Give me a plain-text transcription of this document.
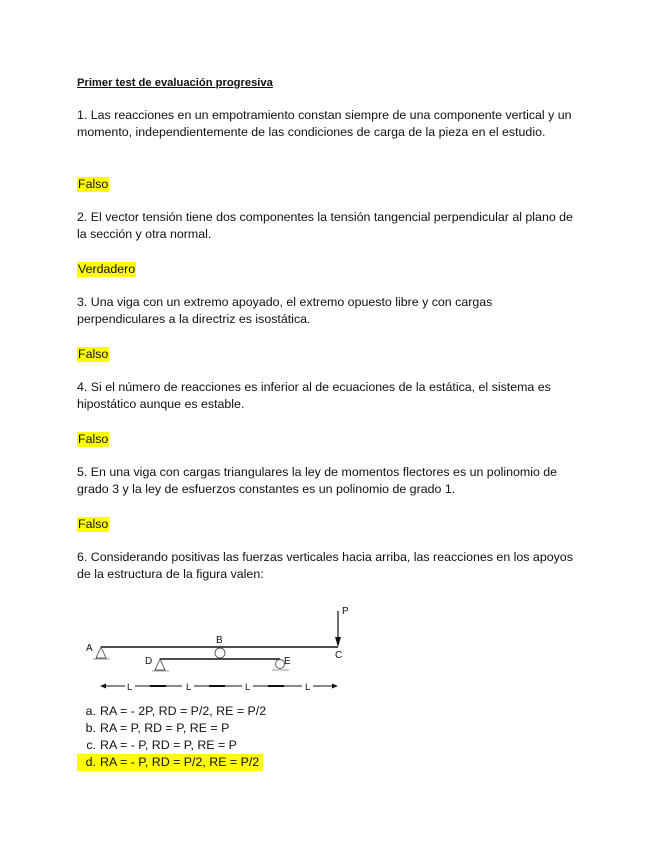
Primer test de evaluación progresiva
1. Las reacciones en un empotramiento constan siempre de una componente vertical y un momento, independientemente de las condiciones de carga de la pieza en el estudio.
Falso
2. El vector tensión tiene dos componentes la tensión tangencial perpendicular al plano de la sección y otra normal.
Verdadero
3. Una viga con un extremo apoyado, el extremo opuesto libre y con cargas perpendiculares a la directriz es isostática.
Falso
4. Si el número de reacciones es inferior al de ecuaciones de la estática, el sistema es hipostático aunque es estable.
Falso
5. En una viga con cargas triangulares la ley de momentos flectores es un polinomio de grado 3 y la ley de esfuerzos constantes es un polinomio de grado 1.
Falso
6. Considerando positivas las fuerzas verticales hacia arriba, las reacciones en los apoyos de la estructura de la figura valen:
A
B
C
D	E
P
L	L	L	L
a. RA = - 2P, RD = P/2, RE = P/2
b. RA = P, RD = P, RE = P
c. RA = - P, RD = P, RE = P
d. RA = - P, RD = P/2, RE = P/2
